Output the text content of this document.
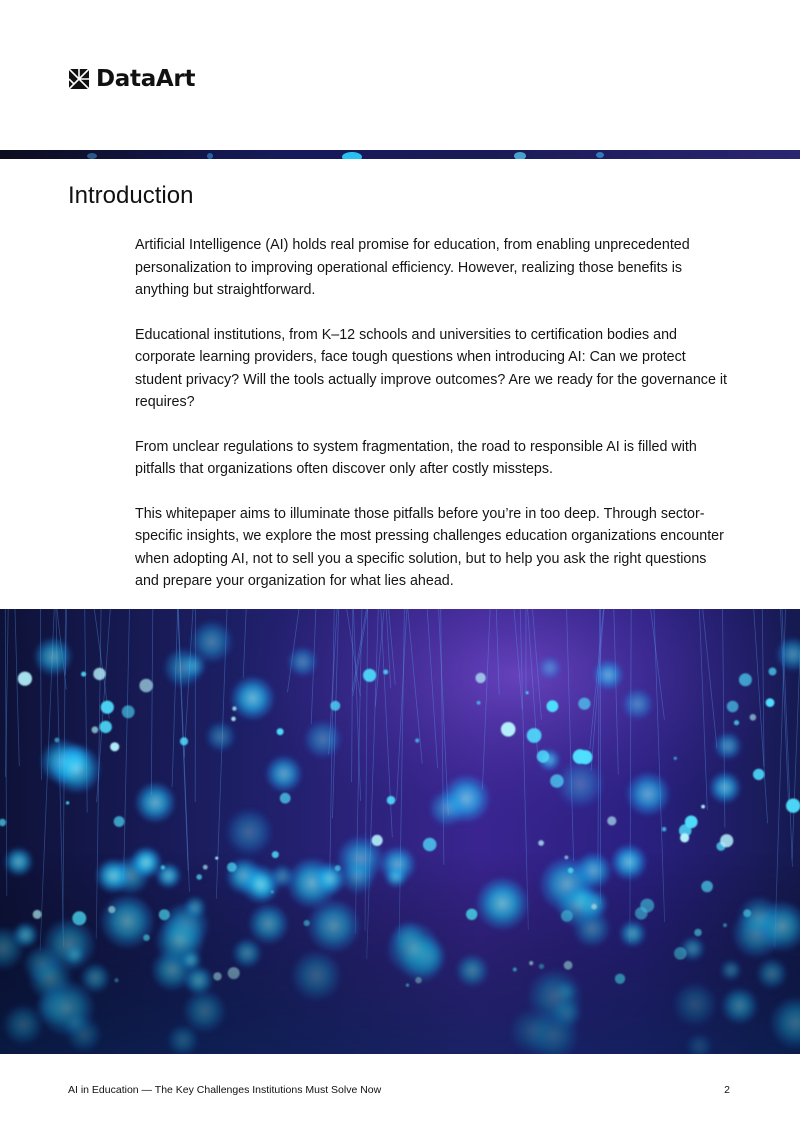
DataArt
Introduction

Artificial Intelligence (AI) holds real promise for education, from enabling unprecedented personalization to improving operational efficiency. However, realizing those benefits is anything but straightforward.

Educational institutions, from K–12 schools and universities to certification bodies and corporate learning providers, face tough questions when introducing AI: Can we protect student privacy? Will the tools actually improve outcomes? Are we ready for the governance it requires?

From unclear regulations to system fragmentation, the road to responsible AI is filled with pitfalls that organizations often discover only after costly missteps.

This whitepaper aims to illuminate those pitfalls before you’re in too deep. Through sector-specific insights, we explore the most pressing challenges education organizations encounter when adopting AI, not to sell you a specific solution, but to help you ask the right questions and prepare your organization for what lies ahead.

AI in Education — The Key Challenges Institutions Must Solve Now	2
